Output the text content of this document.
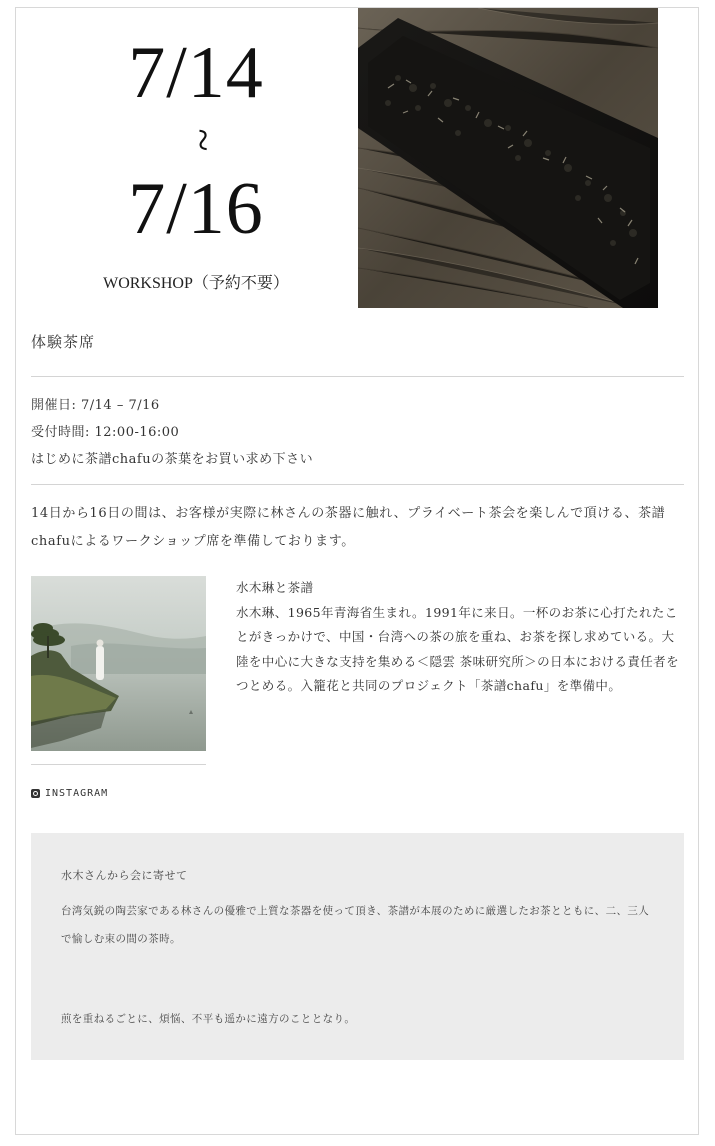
7/14
~
7/16
WORKSHOP（予約不要）
体験茶席
開催日: 7/14 – 7/16
受付時間: 12:00-16:00
はじめに茶譜chafuの茶葉をお買い求め下さい
14日から16日の間は、お客様が実際に林さんの茶器に触れ、プライベート茶会を楽しんで頂ける、茶譜chafuによるワークショップ席を準備しております。
水木琳と茶譜
水木琳、1965年青海省生まれ。1991年に来日。一杯のお茶に心打たれたことがきっかけで、中国・台湾への茶の旅を重ね、お茶を探し求めている。大陸を中心に大きな支持を集める＜隠雲 茶味研究所＞の日本における責任者をつとめる。入籠花と共同のプロジェクト「茶譜chafu」を準備中。
INSTAGRAM
水木さんから会に寄せて
台湾気鋭の陶芸家である林さんの優雅で上質な茶器を使って頂き、茶譜が本展のために厳選したお茶とともに、二、三人で愉しむ束の間の茶時。
煎を重ねるごとに、煩悩、不平も遥かに遠方のこととなり。
